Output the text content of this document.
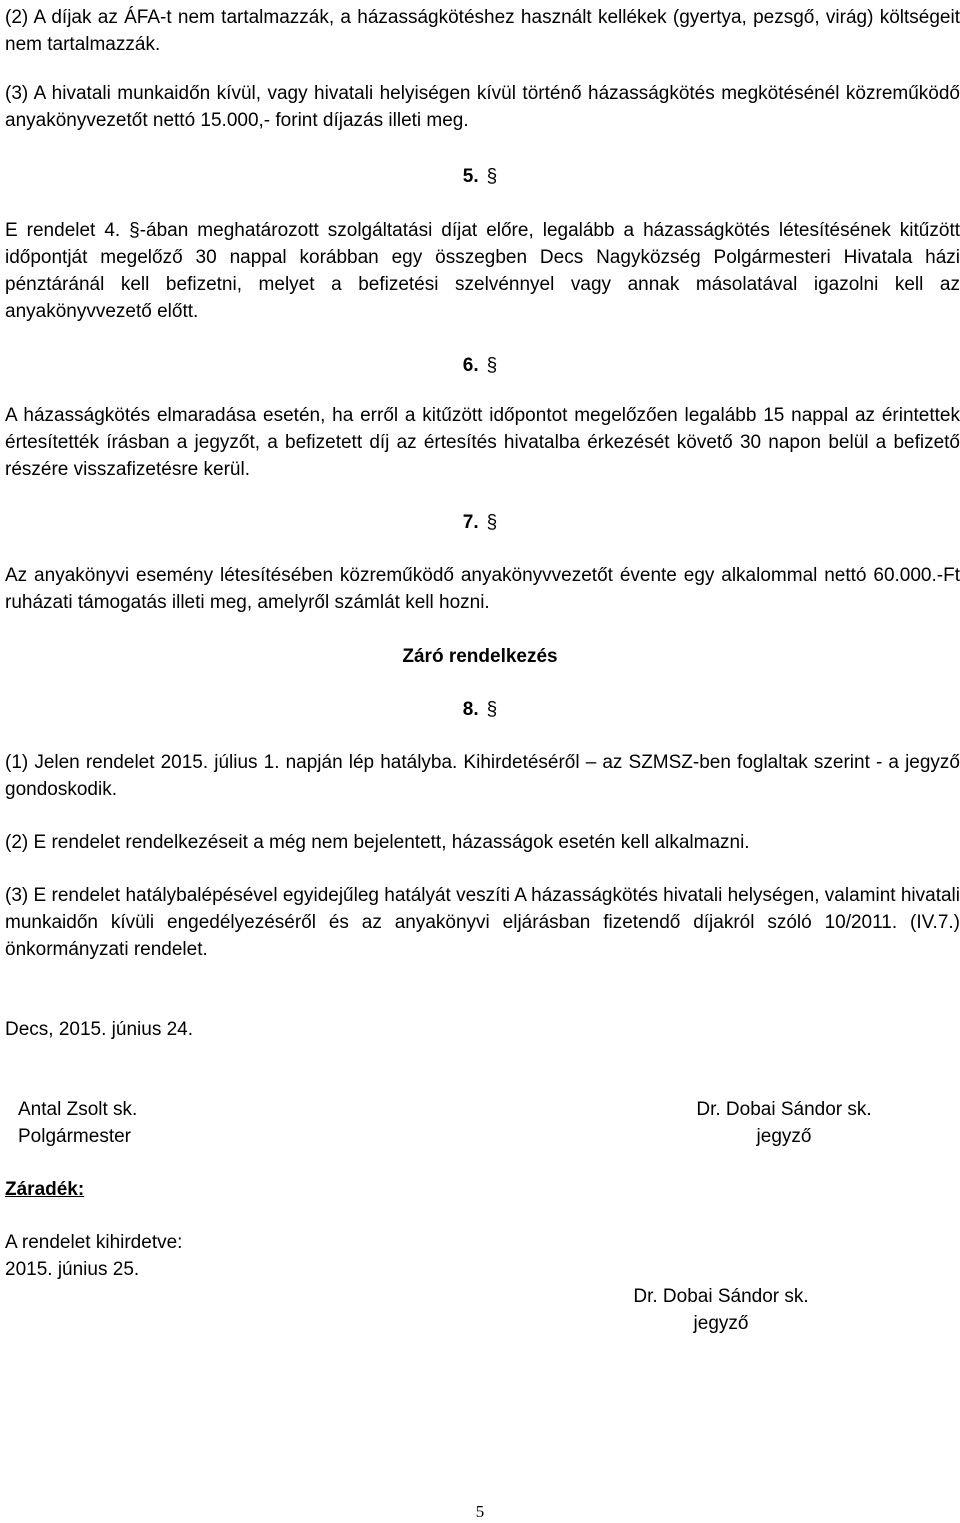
(2) A díjak az ÁFA-t nem tartalmazzák, a házasságkötéshez használt kellékek (gyertya, pezsgő, virág) költségeit nem tartalmazzák.

(3) A hivatali munkaidőn kívül, vagy hivatali helyiségen kívül történő házasságkötés megkötésénél közreműködő anyakönyvezetőt nettó 15.000,- forint díjazás illeti meg.

5. §

E rendelet 4. §-ában meghatározott szolgáltatási díjat előre, legalább a házasságkötés létesítésének kitűzött időpontját megelőző 30 nappal korábban egy összegben Decs Nagyközség Polgármesteri Hivatala házi pénztáránál kell befizetni, melyet a befizetési szelvénnyel vagy annak másolatával igazolni kell az anyakönyvvezető előtt.

6. §

A házasságkötés elmaradása esetén, ha erről a kitűzött időpontot megelőzően legalább 15 nappal az érintettek értesítették írásban a jegyzőt, a befizetett díj az értesítés hivatalba érkezését követő 30 napon belül a befizető részére visszafizetésre kerül.

7. §

Az anyakönyvi esemény létesítésében közreműködő anyakönyvvezetőt évente egy alkalommal nettó 60.000.-Ft ruházati támogatás illeti meg, amelyről számlát kell hozni.

Záró rendelkezés
8. §

(1) Jelen rendelet 2015. július 1. napján lép hatályba. Kihirdetéséről – az SZMSZ-ben foglaltak szerint - a jegyző gondoskodik.

(2) E rendelet rendelkezéseit a még nem bejelentett, házasságok esetén kell alkalmazni.

(3) E rendelet hatálybalépésével egyidejűleg hatályát veszíti A házasságkötés hivatali helységen, valamint hivatali munkaidőn kívüli engedélyezéséről és az anyakönyvi eljárásban fizetendő díjakról szóló 10/2011. (IV.7.) önkormányzati rendelet.

Decs, 2015. június 24.
Antal Zsolt sk.
Polgármester
Dr. Dobai Sándor sk.
jegyző
Záradék:
A rendelet kihirdetve:
2015. június 25.
Dr. Dobai Sándor sk.
jegyző
5
